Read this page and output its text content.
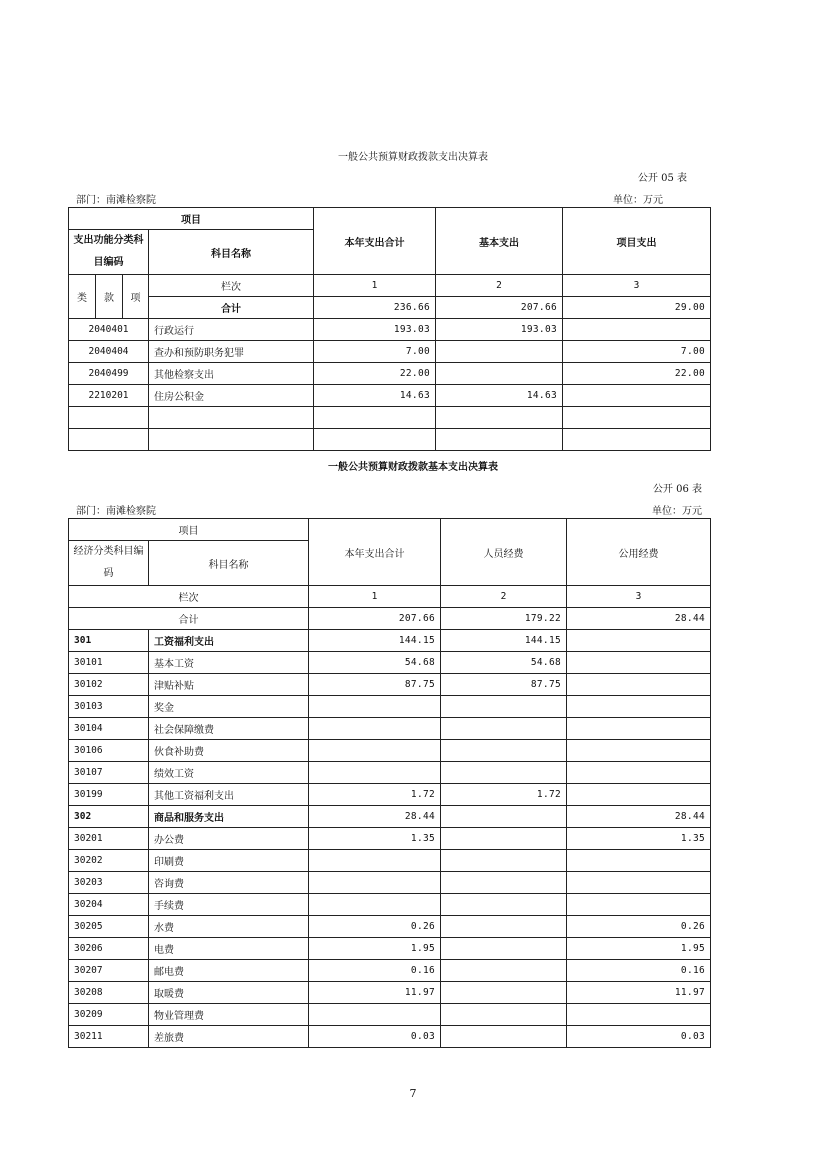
一般公共预算财政拨款支出决算表
公开 05 表
部门：南滩检察院	单位：万元
项目				本年支出合计	基本支出	项目支出
支出功能分类科目编码			科目名称			

类	款	项	栏次	1	2	3
			合计	236.66	207.66	29.00
2040401			行政运行	193.03	193.03	
2040404			查办和预防职务犯罪	7.00		7.00
2040499			其他检察支出	22.00		22.00
2210201			住房公积金	14.63	14.63	

一般公共预算财政拨款基本支出决算表
公开 06 表
部门：南滩检察院	单位：万元
项目		本年支出合计	人员经费	公用经费
经济分类科目编码	科目名称			

栏次		1	2	3
合计		207.66	179.22	28.44
301	工资福利支出	144.15	144.15	
30101	基本工资	54.68	54.68	
30102	津贴补贴	87.75	87.75	
30103	奖金			
30104	社会保障缴费			
30106	伙食补助费			
30107	绩效工资			
30199	其他工资福利支出	1.72	1.72	
302	商品和服务支出	28.44		28.44
30201	办公费	1.35		1.35
30202	印刷费			
30203	咨询费			
30204	手续费			
30205	水费	0.26		0.26
30206	电费	1.95		1.95
30207	邮电费	0.16		0.16
30208	取暖费	11.97		11.97
30209	物业管理费			
30211	差旅费	0.03		0.03
7
